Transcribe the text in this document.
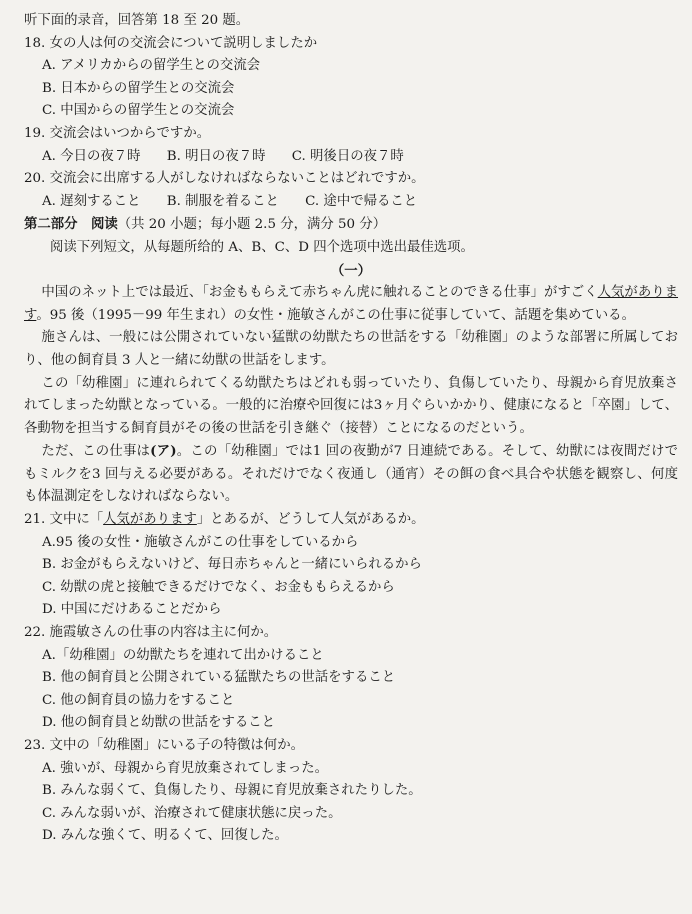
听下面的录音，回答第 18 至 20 题。
18. 女の人は何の交流会について説明しましたか
A. アメリカからの留学生との交流会
B. 日本からの留学生との交流会
C. 中国からの留学生との交流会
19. 交流会はいつからですか。
A. 今日の夜７時 B. 明日の夜７時 C. 明後日の夜７時
20. 交流会に出席する人がしなければならないことはどれですか。
A. 遅刻すること B. 制服を着ること C. 途中で帰ること
第二部分　阅读（共 20 小题；每小题 2.5 分，满分 50 分）
阅读下列短文，从每题所给的 A、B、C、D 四个选项中选出最佳选项。
（一）
中国のネット上では最近、「お金ももらえて赤ちゃん虎に触れることのできる仕事」がすごく人気があります。95 後（1995－99 年生まれ）の女性・施敏さんがこの仕事に従事していて、話題を集めている。
施さんは、一般には公開されていない猛獣の幼獣たちの世話をする「幼稚園」のような部署に所属しており、他の飼育員 3 人と一緒に幼獣の世話をします。
この「幼稚園」に連れられてくる幼獣たちはどれも弱っていたり、負傷していたり、母親から育児放棄されてしまった幼獣となっている。一般的に治療や回復には3ヶ月ぐらいかかり、健康になると「卒園」して、各動物を担当する飼育員がその後の世話を引き継ぐ（接替）ことになるのだという。
ただ、この仕事は(ア)。この「幼稚園」では1 回の夜勤が7 日連続である。そして、幼獣には夜間だけでもミルクを3 回与える必要がある。それだけでなく夜通し（通宵）その餌の食べ具合や状態を観察し、何度も体温測定をしなければならない。
21. 文中に「人気があります」とあるが、どうして人気があるか。
A.95 後の女性・施敏さんがこの仕事をしているから
B. お金がもらえないけど、毎日赤ちゃんと一緒にいられるから
C. 幼獣の虎と接触できるだけでなく、お金ももらえるから
D. 中国にだけあることだから
22. 施霞敏さんの仕事の内容は主に何か。
A.「幼稚園」の幼獣たちを連れて出かけること
B. 他の飼育員と公開されている猛獣たちの世話をすること
C. 他の飼育員の協力をすること
D. 他の飼育員と幼獣の世話をすること
23. 文中の「幼稚園」にいる子の特徴は何か。
A. 強いが、母親から育児放棄されてしまった。
B. みんな弱くて、負傷したり、母親に育児放棄されたりした。
C. みんな弱いが、治療されて健康状態に戻った。
D. みんな強くて、明るくて、回復した。
